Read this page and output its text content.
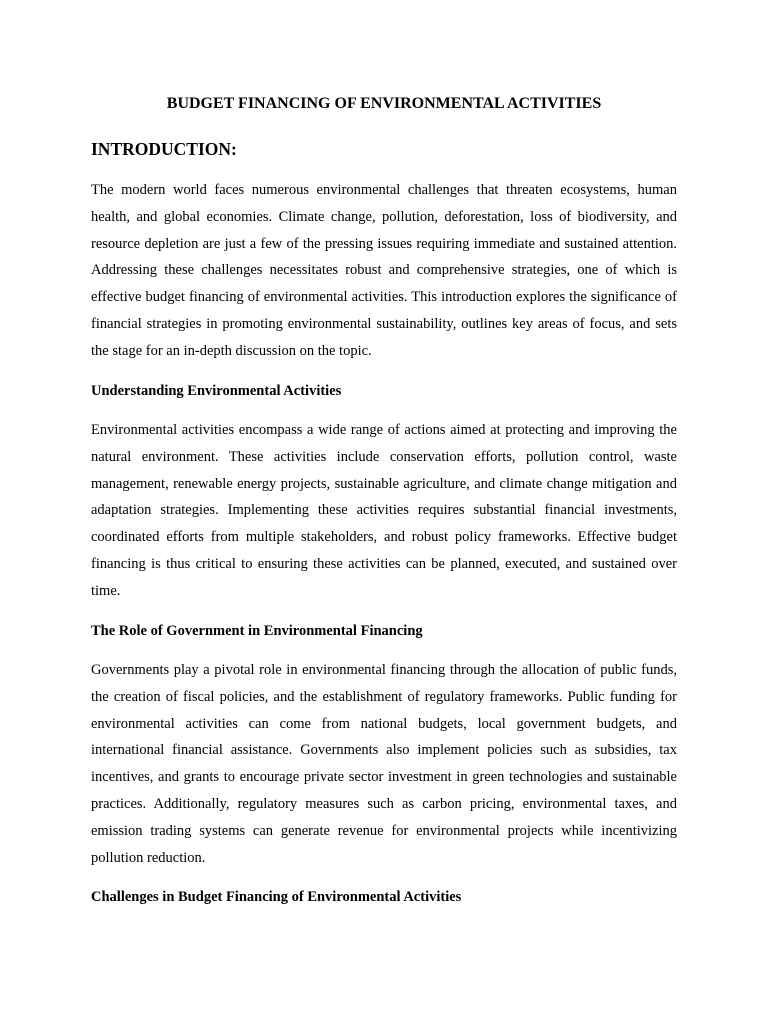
BUDGET FINANCING OF ENVIRONMENTAL ACTIVITIES
INTRODUCTION:

The modern world faces numerous environmental challenges that threaten ecosystems, human health, and global economies. Climate change, pollution, deforestation, loss of biodiversity, and resource depletion are just a few of the pressing issues requiring immediate and sustained attention. Addressing these challenges necessitates robust and comprehensive strategies, one of which is effective budget financing of environmental activities. This introduction explores the significance of financial strategies in promoting environmental sustainability, outlines key areas of focus, and sets the stage for an in-depth discussion on the topic.

Understanding Environmental Activities

Environmental activities encompass a wide range of actions aimed at protecting and improving the natural environment. These activities include conservation efforts, pollution control, waste management, renewable energy projects, sustainable agriculture, and climate change mitigation and adaptation strategies. Implementing these activities requires substantial financial investments, coordinated efforts from multiple stakeholders, and robust policy frameworks. Effective budget financing is thus critical to ensuring these activities can be planned, executed, and sustained over time.

The Role of Government in Environmental Financing

Governments play a pivotal role in environmental financing through the allocation of public funds, the creation of fiscal policies, and the establishment of regulatory frameworks. Public funding for environmental activities can come from national budgets, local government budgets, and international financial assistance. Governments also implement policies such as subsidies, tax incentives, and grants to encourage private sector investment in green technologies and sustainable practices. Additionally, regulatory measures such as carbon pricing, environmental taxes, and emission trading systems can generate revenue for environmental projects while incentivizing pollution reduction.

Challenges in Budget Financing of Environmental Activities
